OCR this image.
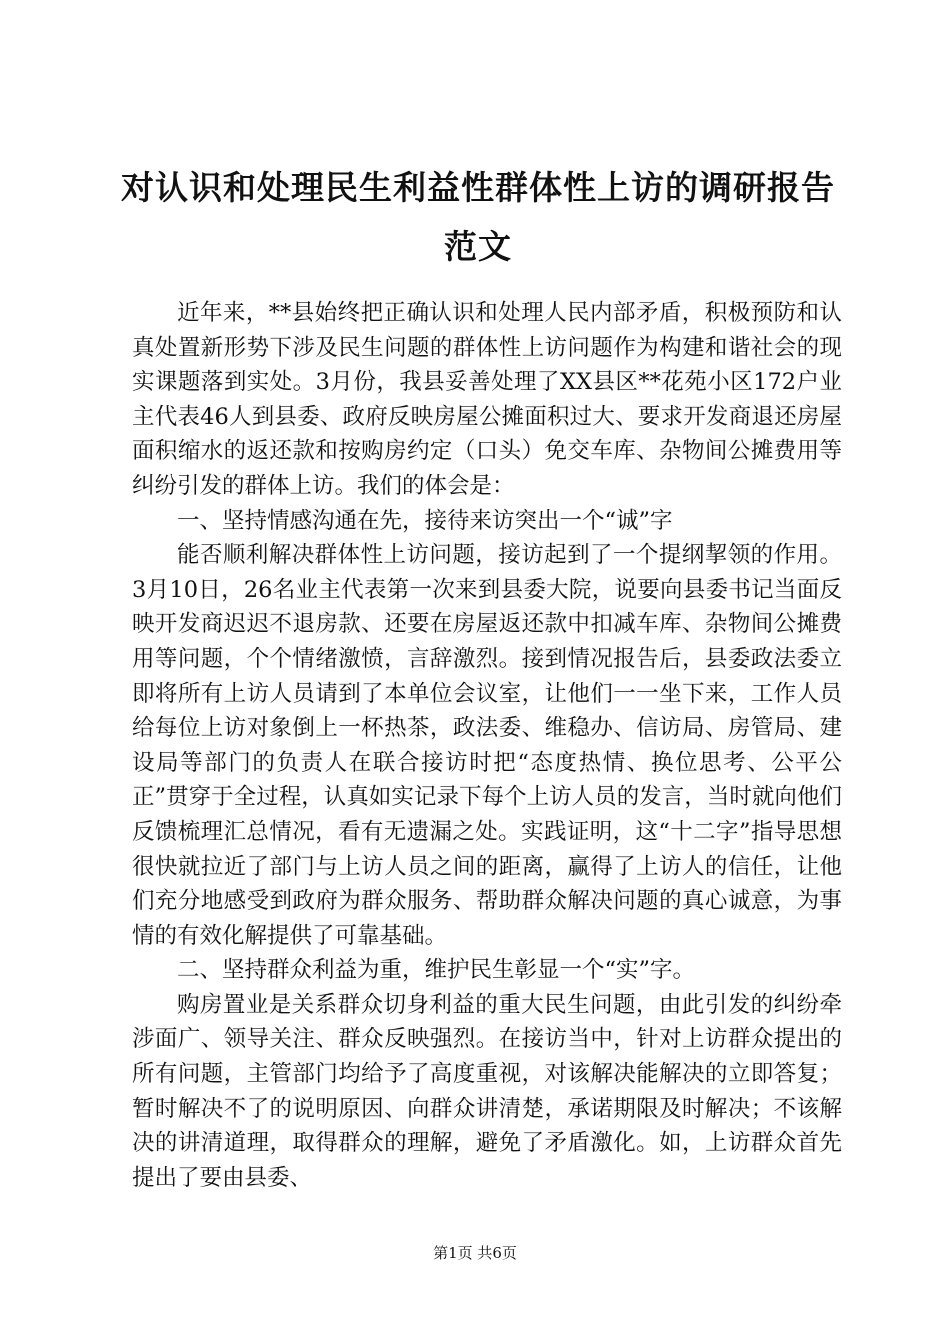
对认识和处理民生利益性群体性上访的调研报告范文

近年来，**县始终把正确认识和处理人民内部矛盾，积极预防和认真处置新形势下涉及民生问题的群体性上访问题作为构建和谐社会的现实课题落到实处。3月份，我县妥善处理了XX县区**花苑小区172户业主代表46人到县委、政府反映房屋公摊面积过大、要求开发商退还房屋面积缩水的返还款和按购房约定（口头）免交车库、杂物间公摊费用等纠纷引发的群体上访。我们的体会是：

一、坚持情感沟通在先，接待来访突出一个“诚”字

能否顺利解决群体性上访问题，接访起到了一个提纲挈领的作用。3月10日，26名业主代表第一次来到县委大院，说要向县委书记当面反映开发商迟迟不退房款、还要在房屋返还款中扣减车库、杂物间公摊费用等问题，个个情绪激愤，言辞激烈。接到情况报告后，县委政法委立即将所有上访人员请到了本单位会议室，让他们一一坐下来，工作人员给每位上访对象倒上一杯热茶，政法委、维稳办、信访局、房管局、建设局等部门的负责人在联合接访时把“态度热情、换位思考、公平公正”贯穿于全过程，认真如实记录下每个上访人员的发言，当时就向他们反馈梳理汇总情况，看有无遗漏之处。实践证明，这“十二字”指导思想很快就拉近了部门与上访人员之间的距离，赢得了上访人的信任，让他们充分地感受到政府为群众服务、帮助群众解决问题的真心诚意，为事情的有效化解提供了可靠基础。

二、坚持群众利益为重，维护民生彰显一个“实”字。

购房置业是关系群众切身利益的重大民生问题，由此引发的纠纷牵涉面广、领导关注、群众反映强烈。在接访当中，针对上访群众提出的所有问题，主管部门均给予了高度重视，对该解决能解决的立即答复；暂时解决不了的说明原因、向群众讲清楚，承诺期限及时解决；不该解决的讲清道理，取得群众的理解，避免了矛盾激化。如，上访群众首先提出了要由县委、

第1页 共6页
